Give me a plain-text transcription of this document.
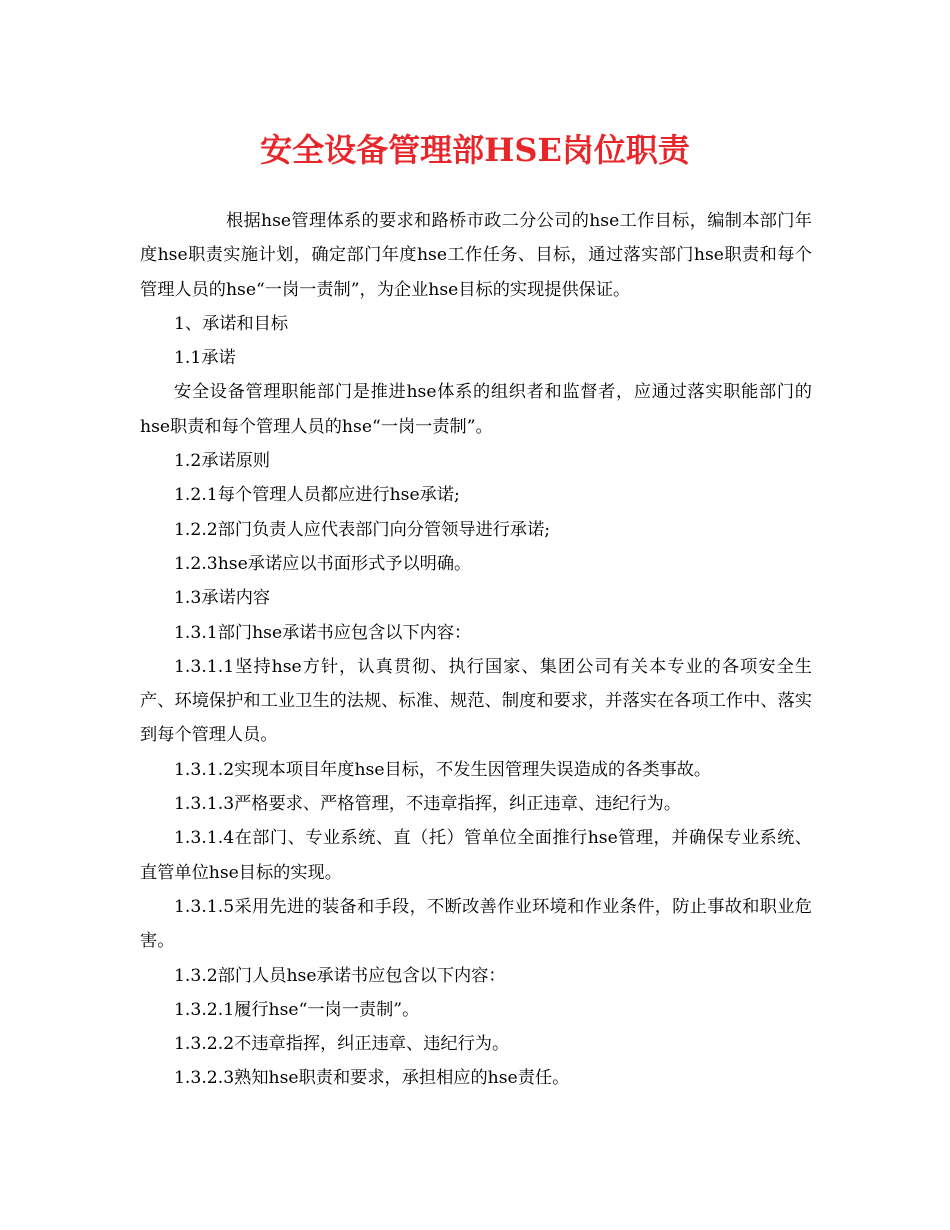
安全设备管理部HSE岗位职责

根据hse管理体系的要求和路桥市政二分公司的hse工作目标，编制本部门年度hse职责实施计划，确定部门年度hse工作任务、目标，通过落实部门hse职责和每个管理人员的hse“一岗一责制”，为企业hse目标的实现提供保证。

1、承诺和目标

1.1承诺

安全设备管理职能部门是推进hse体系的组织者和监督者，应通过落实职能部门的hse职责和每个管理人员的hse“一岗一责制”。

1.2承诺原则

1.2.1每个管理人员都应进行hse承诺;

1.2.2部门负责人应代表部门向分管领导进行承诺;

1.2.3hse承诺应以书面形式予以明确。

1.3承诺内容

1.3.1部门hse承诺书应包含以下内容：

1.3.1.1坚持hse方针，认真贯彻、执行国家、集团公司有关本专业的各项安全生产、环境保护和工业卫生的法规、标准、规范、制度和要求，并落实在各项工作中、落实到每个管理人员。

1.3.1.2实现本项目年度hse目标，不发生因管理失误造成的各类事故。

1.3.1.3严格要求、严格管理，不违章指挥，纠正违章、违纪行为。

1.3.1.4在部门、专业系统、直（托）管单位全面推行hse管理，并确保专业系统、直管单位hse目标的实现。

1.3.1.5采用先进的装备和手段，不断改善作业环境和作业条件，防止事故和职业危害。

1.3.2部门人员hse承诺书应包含以下内容：

1.3.2.1履行hse“一岗一责制”。

1.3.2.2不违章指挥，纠正违章、违纪行为。

1.3.2.3熟知hse职责和要求，承担相应的hse责任。
